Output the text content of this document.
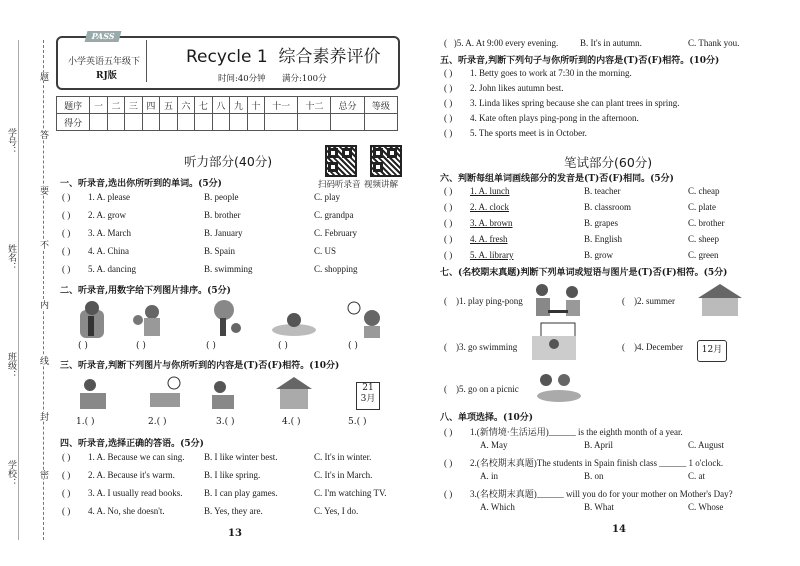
学号：
姓名：
班级：
学校：
题
答
要
不
内
线
封
密
PASS
小学英语五年级下
RJ版
Recycle 1 综合素养评价
时间:40分钟 满分:100分
题序	一	二	三	四	五	六	七	八	九	十	十一	十二	总分	等级
得分														
听力部分(40分)
扫码听录音 视频讲解
一、听录音,选出你所听到的单词。(5分)
( ) 1. A. please	B. people	C. play
( ) 2. A. grow	B. brother	C. grandpa
( ) 3. A. March	B. January	C. February
( ) 4. A. China	B. Spain	C. US
( ) 5. A. dancing	B. swimming	C. shopping
二、听录音,用数字给下列图片排序。(5分)
( )	( )	( )	( )	( )
三、听录音,判断下列图片与你所听到的内容是(T)否(F)相符。(10分)
21
3月
1.( )	2.( )	3.( )	4.( )	5.( )
四、听录音,选择正确的答语。(5分)
( ) 1. A. Because we can sing. B. I like winter best.	C. It's in winter.
( ) 2. A. Because it's warm.	B. I like spring.	C. It's in March.
( ) 3. A. I usually read books. B. I can play games.	C. I'm watching TV.
( ) 4. A. No, she doesn't.	B. Yes, they are.	C. Yes, I do.
13
(   )5. A. At 9:00 every evening. B. It's in autumn.	C. Thank you.
五、听录音,判断下列句子与你所听到的内容是(T)否(F)相符。(10分)
( ) 1. Betty goes to work at 7:30 in the morning.
( ) 2. John likes autumn best.
( ) 3. Linda likes spring because she can plant trees in spring.
( ) 4. Kate often plays ping-pong in the afternoon.
( ) 5. The sports meet is in October.
笔试部分(60分)
六、判断每组单词画线部分的发音是(T)否(F)相同。(5分)
( ) 1. A. lunch	B. teacher	C. cheap
( ) 2. A. clock	B. classroom	C. plate
( ) 3. A. brown	B. grapes	C. brother
( ) 4. A. fresh	B. English	C. sheep
( ) 5. A. library	B. grow	C. green
七、(名校期末真题)判断下列单词或短语与图片是(T)否(F)相符。(5分)
(    )1. play ping-pong	(    )2. summer
(    )3. go swimming	(    )4. December	12月
(    )5. go on a picnic
八、单项选择。(10分)
( ) 1.(新情境·生活运用)______ is the eighth month of a year.
A. May	B. April	C. August
( ) 2.(名校期末真题)The students in Spain finish class ______ 1 o'clock.
A. in	B. on	C. at
( ) 3.(名校期末真题)______ will you do for your mother on Mother's Day?
A. Which	B. What	C. Whose
14
